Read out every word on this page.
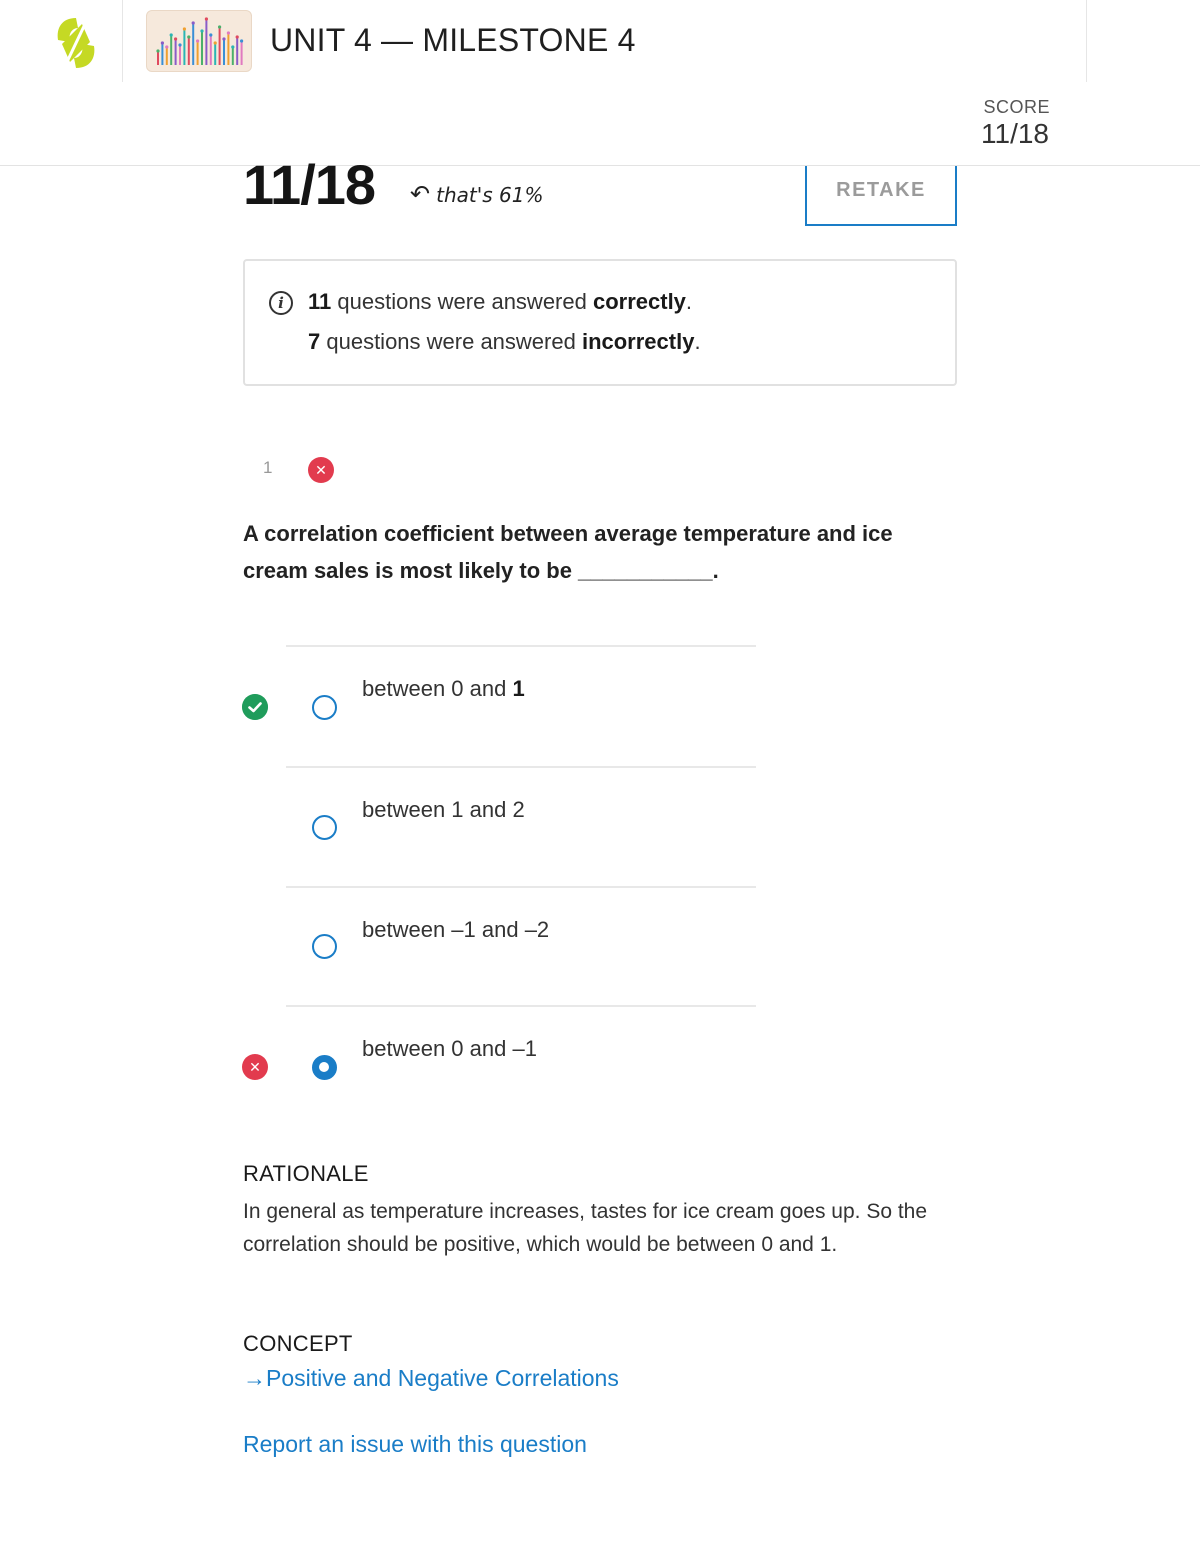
UNIT 4 — MILESTONE 4
SCORE
11/18
11/18 ↶ that's 61%	RETAKE
i	11 questions were answered correctly.
7 questions were answered incorrectly.
1	✕
A correlation coefficient between average temperature and ice cream sales is most likely to be ___________.
between 0 and 1
between 1 and 2
between –1 and –2
✕
between 0 and –1
RATIONALE
In general as temperature increases, tastes for ice cream goes up. So the correlation should be positive, which would be between 0 and 1.
CONCEPT
→Positive and Negative Correlations
Report an issue with this question
